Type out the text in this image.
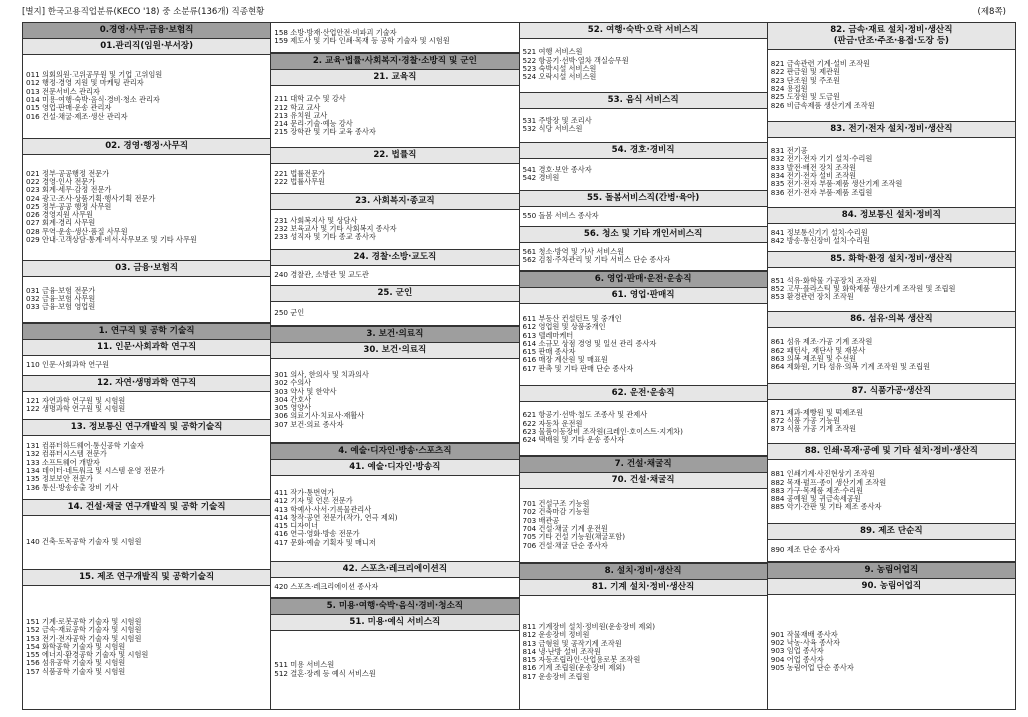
[별지] 한국고용직업분류(KECO '18) 중 소분류(136개) 직종현황	(제8쪽)
0.경영·사무·금융·보험직
01.관리직(임원·부서장)
011 의회의원·고위공무원 및 기업 고위임원
012 행정·경영 지원 및 마케팅 관리자
013 전문서비스 관리자
014 미용·여행·숙박·음식·경비·청소 관리자
015 영업·판매·운송 관리자
016 건설·채굴·제조·생산 관리자
02. 경영·행정·사무직
021 정부·공공행정 전문가
022 경영·인사 전문가
023 회계·세무·감정 전문가
024 광고·조사·상품기획·행사기획 전문가
025 정부·공공 행정 사무원
026 경영지원 사무원
027 회계·경리 사무원
028 무역·운송·생산·품질 사무원
029 안내·고객상담·통계·비서·사무보조 및 기타 사무원
03. 금융·보험직
031 금융·보험 전문가
032 금융·보험 사무원
033 금융·보험 영업원
1. 연구직 및 공학 기술직
11. 인문·사회과학 연구직
110 인문·사회과학 연구원
12. 자연·생명과학 연구직
121 자연과학 연구원 및 시험원
122 생명과학 연구원 및 시험원
13. 정보통신 연구개발직 및 공학기술직
131 컴퓨터하드웨어·통신공학 기술자
132 컴퓨터시스템 전문가
133 소프트웨어 개발자
134 데이터·네트워크 및 시스템 운영 전문가
135 정보보안 전문가
136 통신·방송송출 장비 기사
14. 건설·채굴 연구개발직 및 공학 기술직
140 건축·토목공학 기술자 및 시험원
15. 제조 연구개발직 및 공학기술직
151 기계·로봇공학 기술자 및 시험원
152 금속·재료공학 기술자 및 시험원
153 전기·전자공학 기술자 및 시험원
154 화학공학 기술자 및 시험원
155 에너지·환경공학 기술자 및 시험원
156 섬유공학 기술자 및 시험원
157 식품공학 기술자 및 시험원
158 소방·방재·산업안전·비파괴 기술자
159 제도사 및 기타 인쇄·목재 등 공학 기술자 및 시험원
2. 교육·법률·사회복지·경찰·소방직 및 군인
21. 교육직
211 대학 교수 및 강사
212 학교 교사
213 유치원 교사
214 문리·기술·예능 강사
215 장학관 및 기타 교육 종사자
22. 법률직
221 법률전문가
222 법률사무원
23. 사회복지·종교직
231 사회복지사 및 상담사
232 보육교사 및 기타 사회복지 종사자
233 성직자 및 기타 종교 종사자
24. 경찰·소방·교도직
240 경찰관, 소방관 및 교도관
25. 군인
250 군인
3. 보건·의료직
30. 보건·의료직
301 의사, 한의사 및 치과의사
302 수의사
303 약사 및 한약사
304 간호사
305 영양사
306 의료기사·치료사·재활사
307 보건·의료 종사자
4. 예술·디자인·방송·스포츠직
41. 예술·디자인·방송직
411 작가·통번역가
412 기자 및 언론 전문가
413 학예사·사서·기록물관리사
414 창작·공연 전문가(작가, 연극 제외)
415 디자이너
416 연극·영화·방송 전문가
417 문화·예술 기획자 및 매니저
42. 스포츠·레크리에이션직
420 스포츠·레크리에이션 종사자
5. 미용·여행·숙박·음식·경비·청소직
51. 미용·예식 서비스직
511 미용 서비스원
512 결혼·장례 등 예식 서비스원
52. 여행·숙박·오락 서비스직
521 여행 서비스원
522 항공기·선박·열차 객실승무원
523 숙박시설 서비스원
524 오락시설 서비스원
53. 음식 서비스직
531 주방장 및 조리사
532 식당 서비스원
54. 경호·경비직
541 경호·보안 종사자
542 경비원
55. 돌봄서비스직(간병·육아)
550 돌봄 서비스 종사자
56. 청소 및 기타 개인서비스직
561 청소·방역 및 가사 서비스원
562 검침·주차관리 및 기타 서비스 단순 종사자
6. 영업·판매·운전·운송직
61. 영업·판매직
611 부동산 컨설턴트 및 중개인
612 영업원 및 상품중개인
613 텔레마케터
614 소규모 상점 경영 및 일선 관리 종사자
615 판매 종사자
616 매장 계산원 및 매표원
617 판촉 및 기타 판매 단순 종사자
62. 운전·운송직
621 항공기·선박·철도 조종사 및 관제사
622 자동차 운전원
623 물품이동장비 조작원(크레인·호이스트·지게차)
624 택배원 및 기타 운송 종사자
7. 건설·채굴직
70. 건설·채굴직
701 건설구조 기능원
702 건축마감 기능원
703 배관공
704 건설·채굴 기계 운전원
705 기타 건설 기능원(채굴포함)
706 건설·채굴 단순 종사자
8. 설치·정비·생산직
81. 기계 설치·정비·생산직
811 기계장비 설치·정비원(운송장비 제외)
812 운송장비 정비원
813 금형원 및 공작기계 조작원
814 냉·난방 설비 조작원
815 자동조립라인·산업용로봇 조작원
816 기계 조립원(운송장비 제외)
817 운송장비 조립원
82. 금속·재료 설치·정비·생산직
(판금·단조·주조·용접·도장 등)
821 금속관련 기계·설비 조작원
822 판금원 및 제관원
823 단조원 및 주조원
824 용접원
825 도장원 및 도금원
826 비금속제품 생산기계 조작원
83. 전기·전자 설치·정비·생산직
831 전기공
832 전기·전자 기기 설치·수리원
833 발전·배전 장치 조작원
834 전기·전자 설비 조작원
835 전기·전자 부품·제품 생산기계 조작원
836 전기·전자 부품·제품 조립원
84. 정보통신 설치·정비직
841 정보통신기기 설치·수리원
842 방송·통신장비 설치·수리원
85. 화학·환경 설치·정비·생산직
851 석유·화학물 가공장치 조작원
852 고무·플라스틱 및 화학제품 생산기계 조작원 및 조립원
853 환경관련 장치 조작원
86. 섬유·의복 생산직
861 섬유 제조·가공 기계 조작원
862 패턴사, 재단사 및 재봉사
863 의복 제조원 및 수선원
864 제화원, 기타 섬유·의복 기계 조작원 및 조립원
87. 식품가공·생산직
871 제과·제빵원 및 떡제조원
872 식품 가공 기능원
873 식품 가공 기계 조작원
88. 인쇄·목재·공예 및 기타 설치·정비·생산직
881 인쇄기계·사진현상기 조작원
882 목재·펄프·종이 생산기계 조작원
883 가구·목제품 제조·수리원
884 공예원 및 귀금속세공원
885 악기·간판 및 기타 제조 종사자
89. 제조 단순직
890 제조 단순 종사자
9. 농림어업직
90. 농림어업직
901 작물재배 종사자
902 낙농·사육 종사자
903 임업 종사자
904 어업 종사자
905 농림어업 단순 종사자
